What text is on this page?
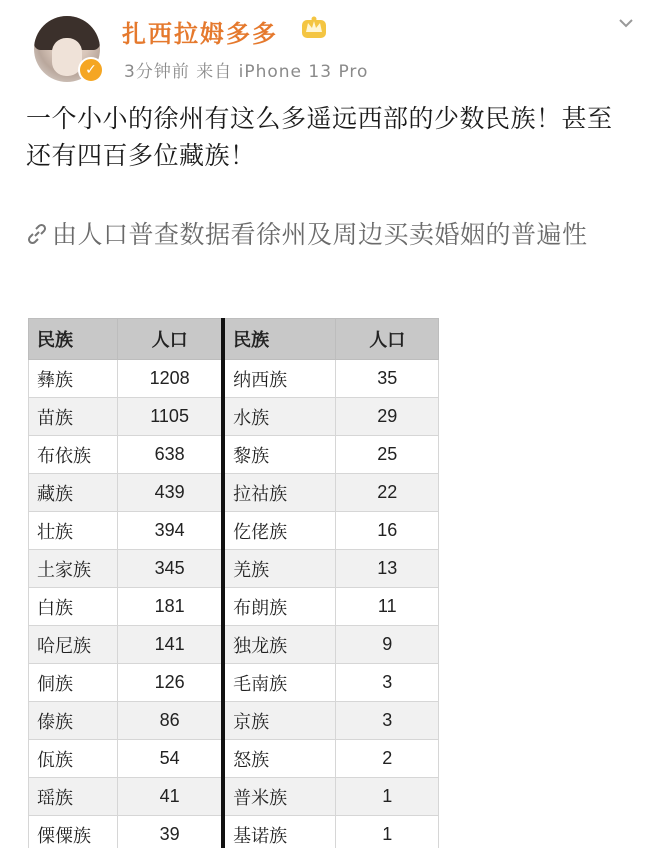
✓
扎西拉姆多多
3分钟前 来自 iPhone 13 Pro
一个小小的徐州有这么多遥远西部的少数民族！甚至还有四百多位藏族！
由人口普查数据看徐州及周边买卖婚姻的普遍性
民族	人口	民族	人口
彝族	1208	纳西族	35
苗族	1105	水族	29
布依族	638	黎族	25
藏族	439	拉祜族	22
壮族	394	仡佬族	16
土家族	345	羌族	13
白族	181	布朗族	11
哈尼族	141	独龙族	9
侗族	126	毛南族	3
傣族	86	京族	3
佤族	54	怒族	2
瑶族	41	普米族	1
傈僳族	39	基诺族	1
